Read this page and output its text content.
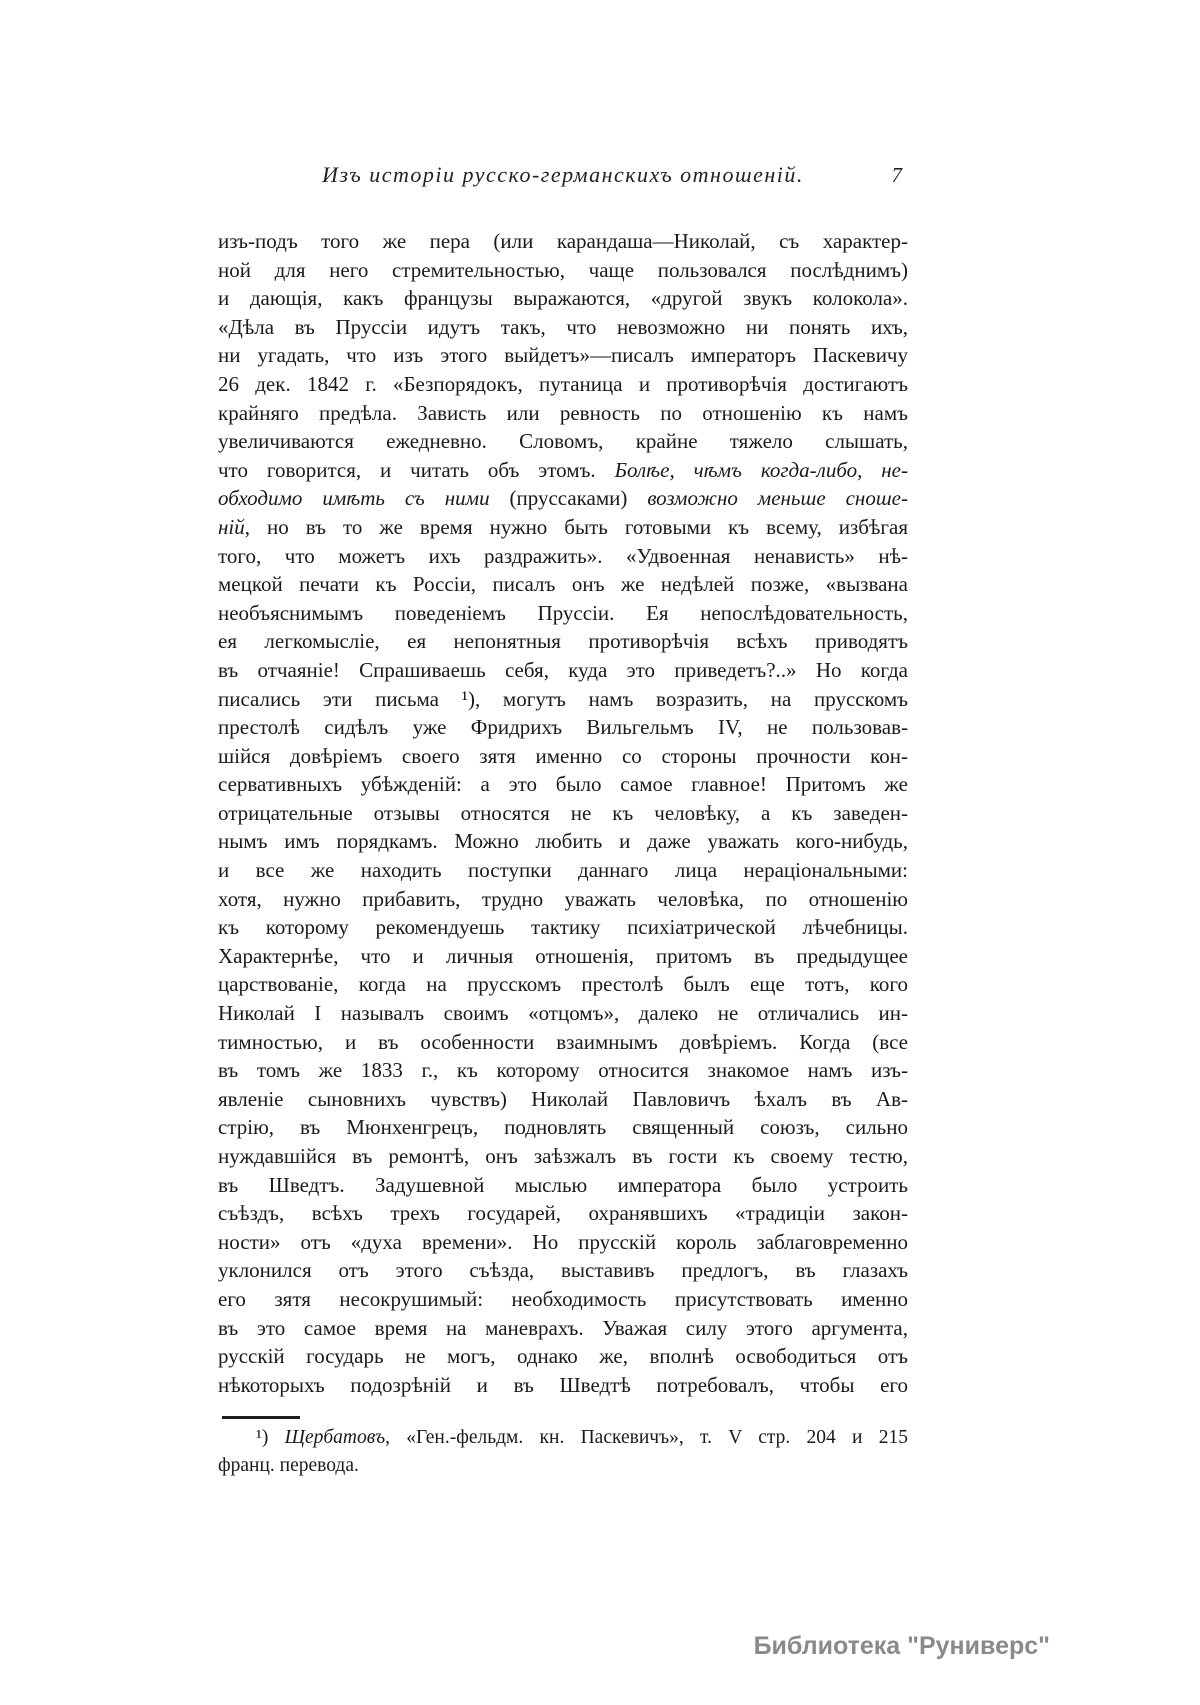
Изъ исторіи русско-германскихъ отношеній.	7
изъ-подъ того же пера (или карандаша—Николай, съ характер-
ной для него стремительностью, чаще пользовался послѣднимъ)
и дающія, какъ французы выражаются, «другой звукъ колокола».
«Дѣла въ Пруссіи идутъ такъ, что невозможно ни понять ихъ,
ни угадать, что изъ этого выйдетъ»—писалъ императоръ Паскевичу
26 дек. 1842 г. «Безпорядокъ, путаница и противорѣчія достигаютъ
крайняго предѣла. Зависть или ревность по отношенію къ намъ
увеличиваются ежедневно. Словомъ, крайне тяжело слышать,
что говорится, и читать объ этомъ. Болѣе, чѣмъ когда-либо, не-
обходимо имѣть съ ними (пруссаками) возможно меньше сноше-
ній, но въ то же время нужно быть готовыми къ всему, избѣгая
того, что можетъ ихъ раздражить». «Удвоенная ненависть» нѣ-
мецкой печати къ Россіи, писалъ онъ же недѣлей позже, «вызвана
необъяснимымъ поведеніемъ Пруссіи. Ея непослѣдовательность,
ея легкомысліе, ея непонятныя противорѣчія всѣхъ приводятъ
въ отчаяніе! Спрашиваешь себя, куда это приведетъ?..» Но когда
писались эти письма ¹), могутъ намъ возразить, на прусскомъ
престолѣ сидѣлъ уже Фридрихъ Вильгельмъ IV, не пользовав-
шійся довѣріемъ своего зятя именно со стороны прочности кон-
сервативныхъ убѣжденій: а это было самое главное! Притомъ же
отрицательные отзывы относятся не къ человѣку, а къ заведен-
нымъ имъ порядкамъ. Можно любить и даже уважать кого-нибудь,
и все же находить поступки даннаго лица нераціональными:
хотя, нужно прибавить, трудно уважать человѣка, по отношенію
къ которому рекомендуешь тактику психіатрической лѣчебницы.
Характернѣе, что и личныя отношенія, притомъ въ предыдущее
царствованіе, когда на прусскомъ престолѣ былъ еще тотъ, кого
Николай I называлъ своимъ «отцомъ», далеко не отличались ин-
тимностью, и въ особенности взаимнымъ довѣріемъ. Когда (все
въ томъ же 1833 г., къ которому относится знакомое намъ изъ-
явленіе сыновнихъ чувствъ) Николай Павловичъ ѣхалъ въ Ав-
стрію, въ Мюнхенгрецъ, подновлять священный союзъ, сильно
нуждавшійся въ ремонтѣ, онъ заѣзжалъ въ гости къ своему тестю,
въ Шведтъ. Задушевной мыслью императора было устроить
съѣздъ, всѣхъ трехъ государей, охранявшихъ «традиціи закон-
ности» отъ «духа времени». Но прусскій король заблаговременно
уклонился отъ этого съѣзда, выставивъ предлогъ, въ глазахъ
его зятя несокрушимый: необходимость присутствовать именно
въ это самое время на маневрахъ. Уважая силу этого аргумента,
русскій государь не могъ, однако же, вполнѣ освободиться отъ
нѣкоторыхъ подозрѣній и въ Шведтѣ потребовалъ, чтобы его
¹) Щербатовъ, «Ген.-фельдм. кн. Паскевичъ», т. V стр. 204 и 215
франц. перевода.
Библиотека "Руниверс"
